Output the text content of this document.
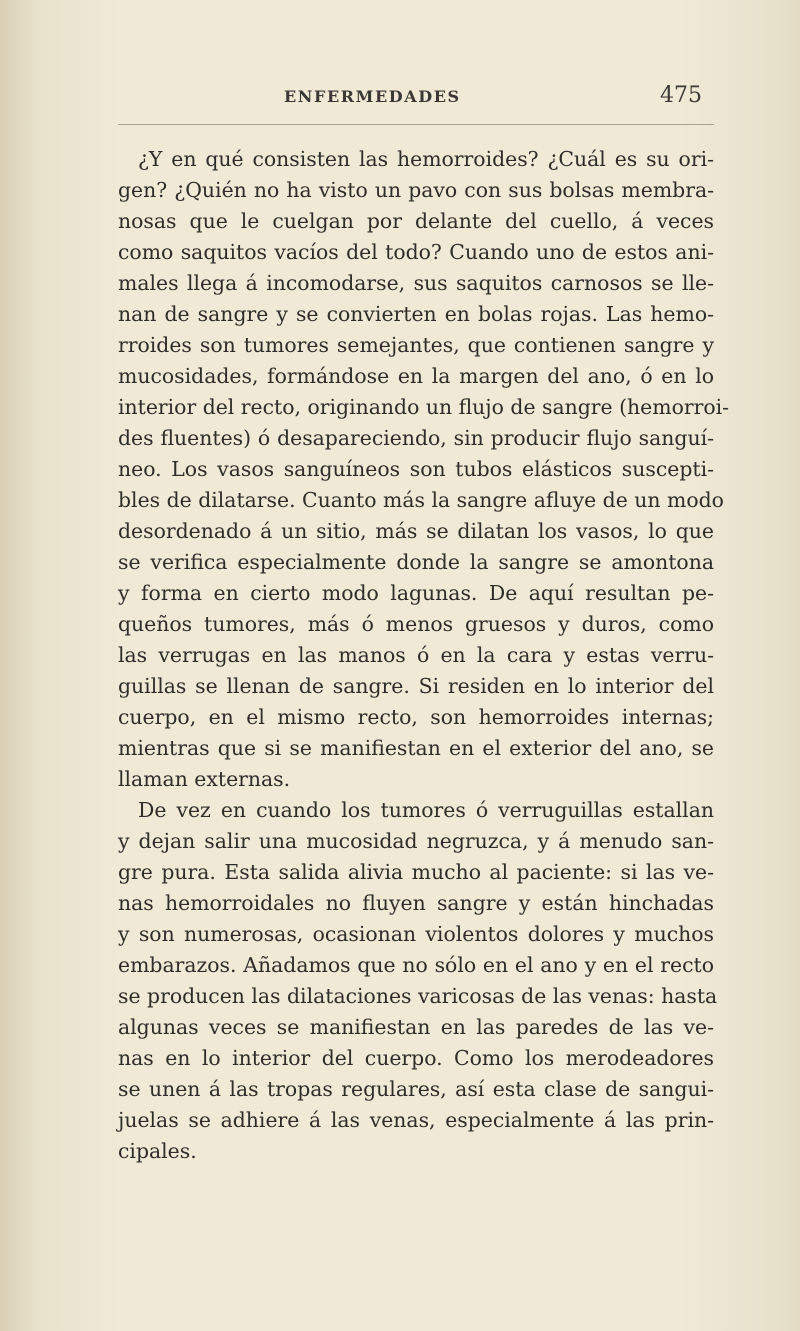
ENFERMEDADES	475
¿Y en qué consisten las hemorroides? ¿Cuál es su ori-
gen? ¿Quién no ha visto un pavo con sus bolsas membra-
nosas que le cuelgan por delante del cuello, á veces
como saquitos vacíos del todo? Cuando uno de estos ani-
males llega á incomodarse, sus saquitos carnosos se lle-
nan de sangre y se convierten en bolas rojas. Las hemo-
rroides son tumores semejantes, que contienen sangre y
mucosidades, formándose en la margen del ano, ó en lo
interior del recto, originando un flujo de sangre (hemorroi-
des fluentes) ó desapareciendo, sin producir flujo sanguí-
neo. Los vasos sanguíneos son tubos elásticos suscepti-
bles de dilatarse. Cuanto más la sangre afluye de un modo
desordenado á un sitio, más se dilatan los vasos, lo que
se verifica especialmente donde la sangre se amontona
y forma en cierto modo lagunas. De aquí resultan pe-
queños tumores, más ó menos gruesos y duros, como
las verrugas en las manos ó en la cara y estas verru-
guillas se llenan de sangre. Si residen en lo interior del
cuerpo, en el mismo recto, son hemorroides internas;
mientras que si se manifiestan en el exterior del ano, se
llaman externas.
De vez en cuando los tumores ó verruguillas estallan
y dejan salir una mucosidad negruzca, y á menudo san-
gre pura. Esta salida alivia mucho al paciente: si las ve-
nas hemorroidales no fluyen sangre y están hinchadas
y son numerosas, ocasionan violentos dolores y muchos
embarazos. Añadamos que no sólo en el ano y en el recto
se producen las dilataciones varicosas de las venas: hasta
algunas veces se manifiestan en las paredes de las ve-
nas en lo interior del cuerpo. Como los merodeadores
se unen á las tropas regulares, así esta clase de sangui-
juelas se adhiere á las venas, especialmente á las prin-
cipales.
